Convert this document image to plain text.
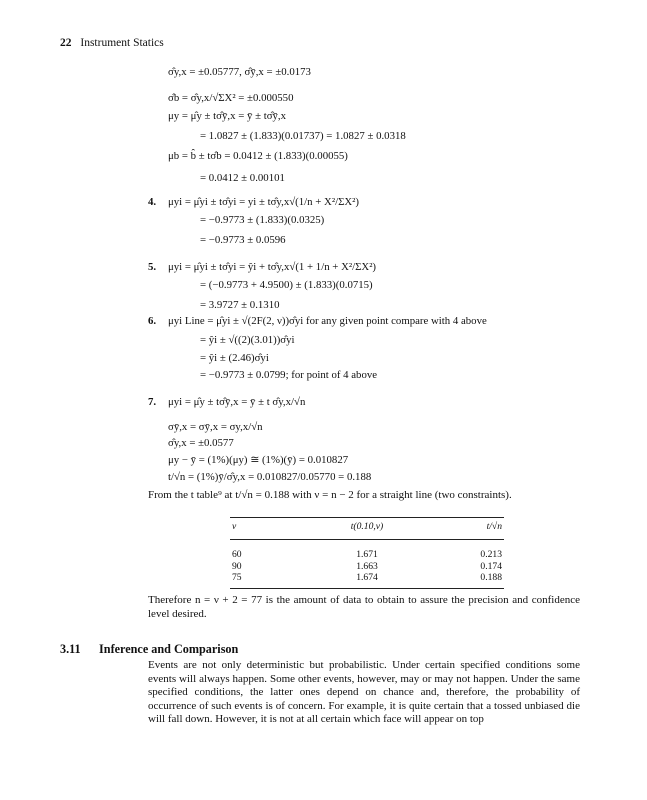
22 Instrument Statics
σ̂y,x = ±0.05777, σ̂ȳ,x = ±0.0173
σ̂b = σ̂y,x/√ΣX² = ±0.000550
μy = μ̂y ± tσ̂ȳ,x = ȳ ± tσ̂ȳ,x
= 1.0827 ± (1.833)(0.01737) = 1.0827 ± 0.0318
μb = b̂ ± tσ̂b = 0.0412 ± (1.833)(0.00055)
= 0.0412 ± 0.00101
4. μyi = μ̂yi ± tσ̂yi = yi ± tσ̂y,x√(1/n + X²/ΣX²)
= −0.9773 ± (1.833)(0.0325)
= −0.9773 ± 0.0596
5. μyi = μ̂yi ± tσ̂yi = ŷi + tσ̂y,x√(1 + 1/n + X²/ΣX²)
= (−0.9773 + 4.9500) ± (1.833)(0.0715)
= 3.9727 ± 0.1310
6. μyi Line = μ̂yi ± √(2F(2, ν))σ̂yi for any given point compare with 4 above
= ŷi ± √((2)(3.01))σ̂yi
= ŷi ± (2.46)σ̂yi
= −0.9773 ± 0.0799; for point of 4 above
7. μyi = μ̂y ± tσ̂ȳ,x = ȳ ± t σ̂y,x/√n
σȳ,x = σȳ,x = σy,x/√n
σ̂y,x = ±0.0577
μy − ȳ = (1%)(μy) ≅ (1%)(ȳ) = 0.010827
t/√n = (1%)ȳ/σ̂y,x = 0.010827/0.05770 = 0.188
From the t table⁹ at t/√n = 0.188 with ν = n − 2 for a straight line (two constraints).
ν	t(0.10,ν)	t/√n
60	1.671	0.213
90	1.663	0.174
75	1.674	0.188
Therefore n = ν + 2 = 77 is the amount of data to obtain to assure the precision and confidence level desired.
3.11 Inference and Comparison
Events are not only deterministic but probabilistic. Under certain specified conditions some events will always happen. Some other events, however, may or may not happen. Under the same specified conditions, the latter ones depend on chance and, therefore, the probability of occurrence of such events is of concern. For example, it is quite certain that a tossed unbiased die will fall down. However, it is not at all certain which face will appear on top
